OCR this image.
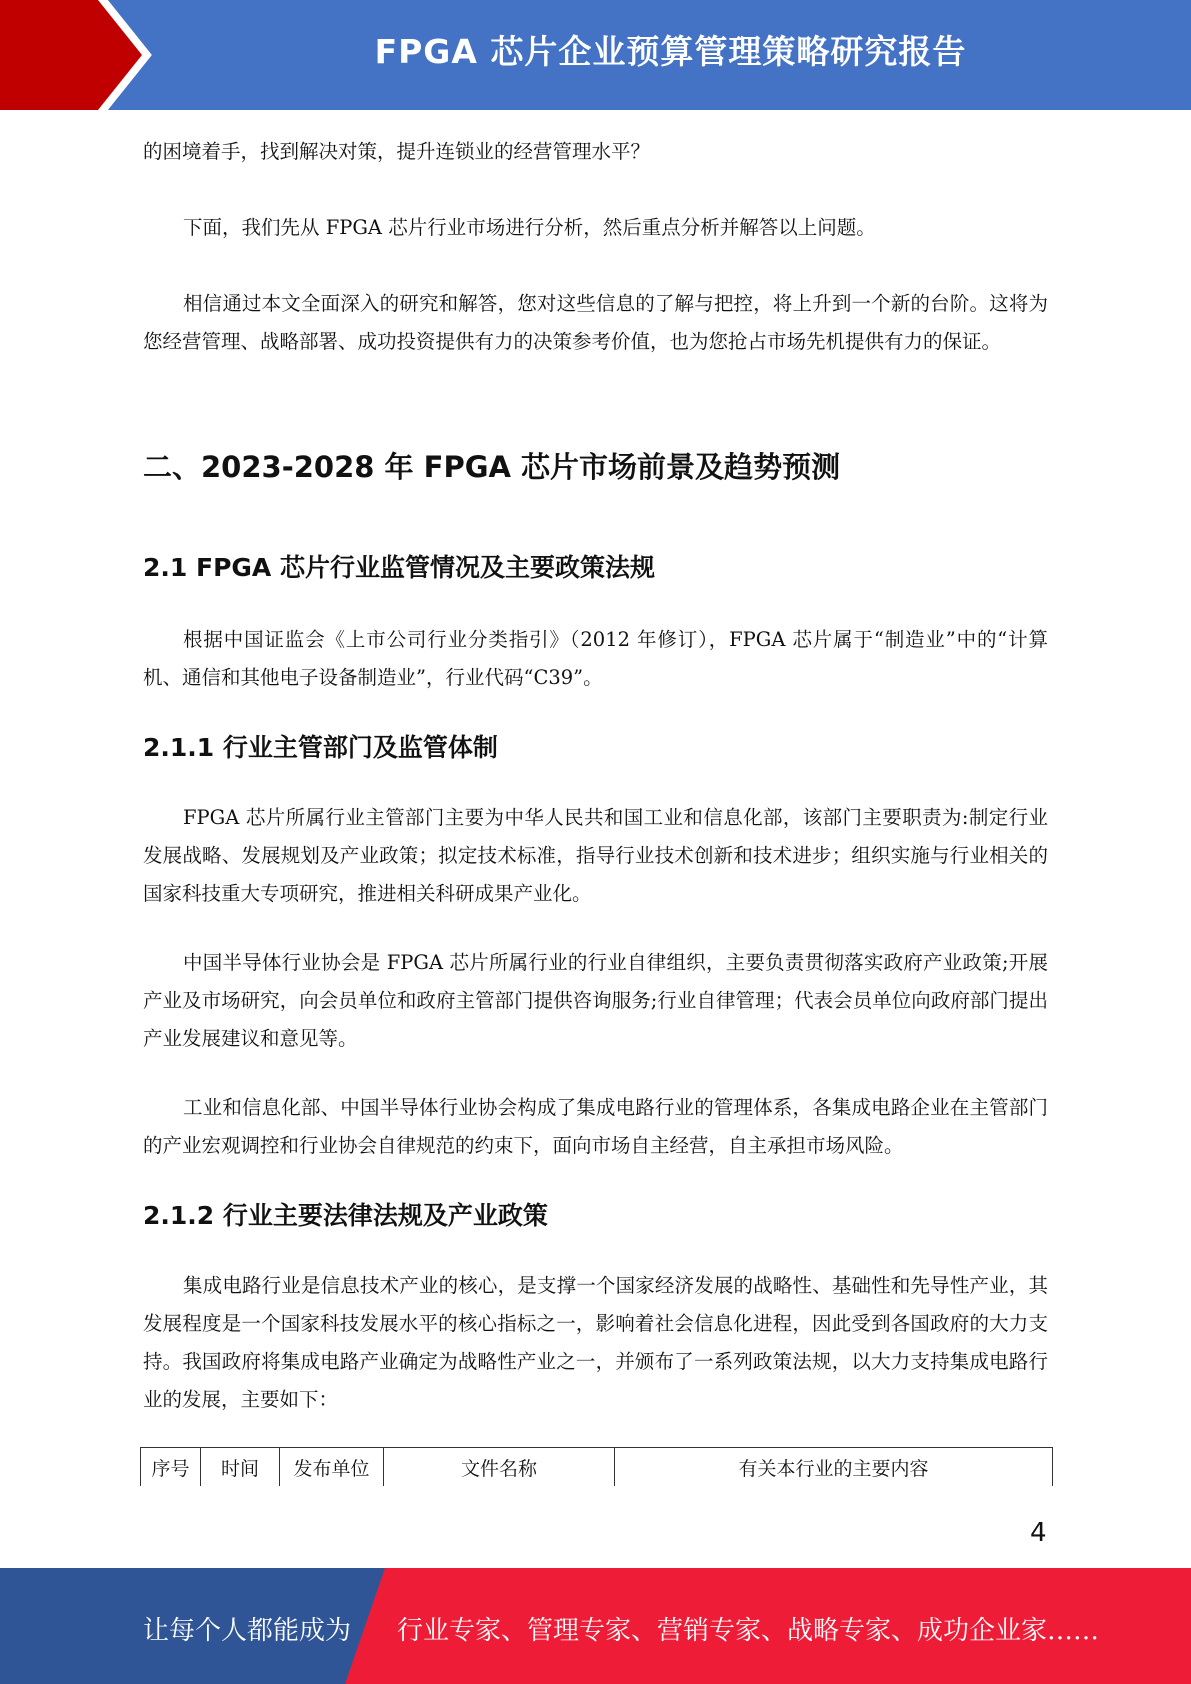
FPGA 芯片企业预算管理策略研究报告

的困境着手，找到解决对策，提升连锁业的经营管理水平？

下面，我们先从 FPGA 芯片行业市场进行分析，然后重点分析并解答以上问题。

相信通过本文全面深入的研究和解答，您对这些信息的了解与把控，将上升到一个新的台阶。这将为您经营管理、战略部署、成功投资提供有力的决策参考价值，也为您抢占市场先机提供有力的保证。

二、2023-2028 年 FPGA 芯片市场前景及趋势预测
2.1 FPGA 芯片行业监管情况及主要政策法规

根据中国证监会《上市公司行业分类指引》（2012 年修订），FPGA 芯片属于“制造业”中的“计算机、通信和其他电子设备制造业”，行业代码“C39”。

2.1.1 行业主管部门及监管体制

FPGA 芯片所属行业主管部门主要为中华人民共和国工业和信息化部，该部门主要职责为:制定行业发展战略、发展规划及产业政策；拟定技术标准，指导行业技术创新和技术进步；组织实施与行业相关的国家科技重大专项研究，推进相关科研成果产业化。

中国半导体行业协会是 FPGA 芯片所属行业的行业自律组织，主要负责贯彻落实政府产业政策;开展产业及市场研究，向会员单位和政府主管部门提供咨询服务;行业自律管理；代表会员单位向政府部门提出产业发展建议和意见等。

工业和信息化部、中国半导体行业协会构成了集成电路行业的管理体系，各集成电路企业在主管部门的产业宏观调控和行业协会自律规范的约束下，面向市场自主经营，自主承担市场风险。

2.1.2 行业主要法律法规及产业政策

集成电路行业是信息技术产业的核心，是支撑一个国家经济发展的战略性、基础性和先导性产业，其发展程度是一个国家科技发展水平的核心指标之一，影响着社会信息化进程，因此受到各国政府的大力支持。我国政府将集成电路产业确定为战略性产业之一，并颁布了一系列政策法规，以大力支持集成电路行业的发展，主要如下：

序号	时间	发布单位	文件名称	有关本行业的主要内容
4
让每个人都能成为 行业专家、管理专家、营销专家、战略专家、成功企业家……
